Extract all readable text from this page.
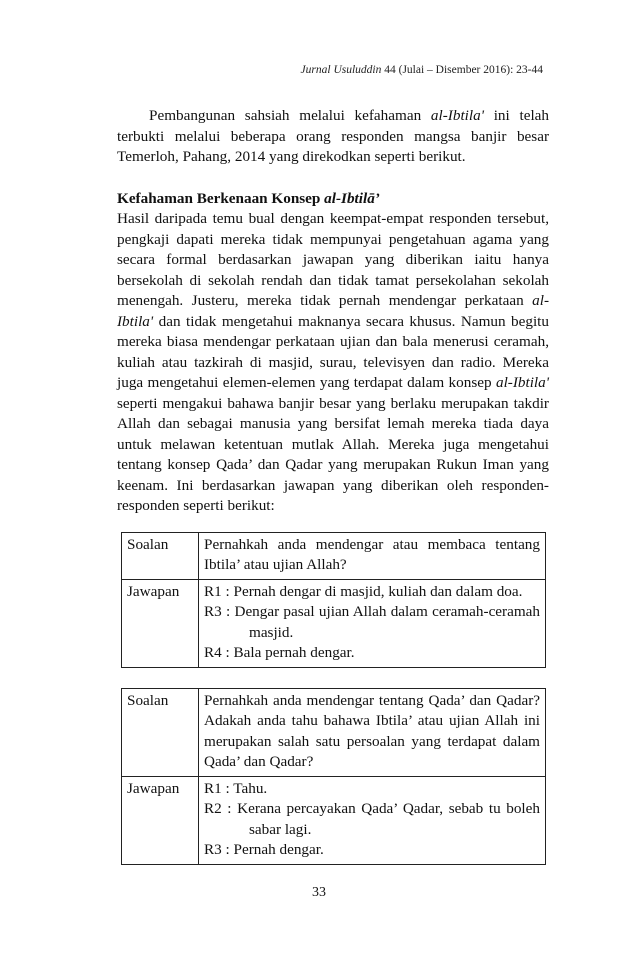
Jurnal Usuluddin 44 (Julai – Disember 2016): 23-44

Pembangunan sahsiah melalui kefahaman al-Ibtila' ini telah terbukti melalui beberapa orang responden mangsa banjir besar Temerloh, Pahang, 2014 yang direkodkan seperti berikut.

Kefahaman Berkenaan Konsep al-Ibtilā’

Hasil daripada temu bual dengan keempat-empat responden tersebut, pengkaji dapati mereka tidak mempunyai pengetahuan agama yang secara formal berdasarkan jawapan yang diberikan iaitu hanya bersekolah di sekolah rendah dan tidak tamat persekolahan sekolah menengah. Justeru, mereka tidak pernah mendengar perkataan al-Ibtila' dan tidak mengetahui maknanya secara khusus. Namun begitu mereka biasa mendengar perkataan ujian dan bala menerusi ceramah, kuliah atau tazkirah di masjid, surau, televisyen dan radio. Mereka juga mengetahui elemen-elemen yang terdapat dalam konsep al-Ibtila' seperti mengakui bahawa banjir besar yang berlaku merupakan takdir Allah dan sebagai manusia yang bersifat lemah mereka tiada daya untuk melawan ketentuan mutlak Allah. Mereka juga mengetahui tentang konsep Qada’ dan Qadar yang merupakan Rukun Iman yang keenam. Ini berdasarkan jawapan yang diberikan oleh responden-responden seperti berikut:

Soalan	Pernahkah anda mendengar atau membaca tentang Ibtila’ atau ujian Allah?
Jawapan	R1 : Pernah dengar di masjid, kuliah dan dalam doa.
R3 : Dengar pasal ujian Allah dalam ceramah-ceramah masjid.
R4 : Bala pernah dengar.
Soalan	Pernahkah anda mendengar tentang Qada’ dan Qadar? Adakah anda tahu bahawa Ibtila’ atau ujian Allah ini merupakan salah satu persoalan yang terdapat dalam Qada’ dan Qadar?
Jawapan	R1 : Tahu.
R2 : Kerana percayakan Qada’ Qadar, sebab tu boleh sabar lagi.
R3 : Pernah dengar.
33
